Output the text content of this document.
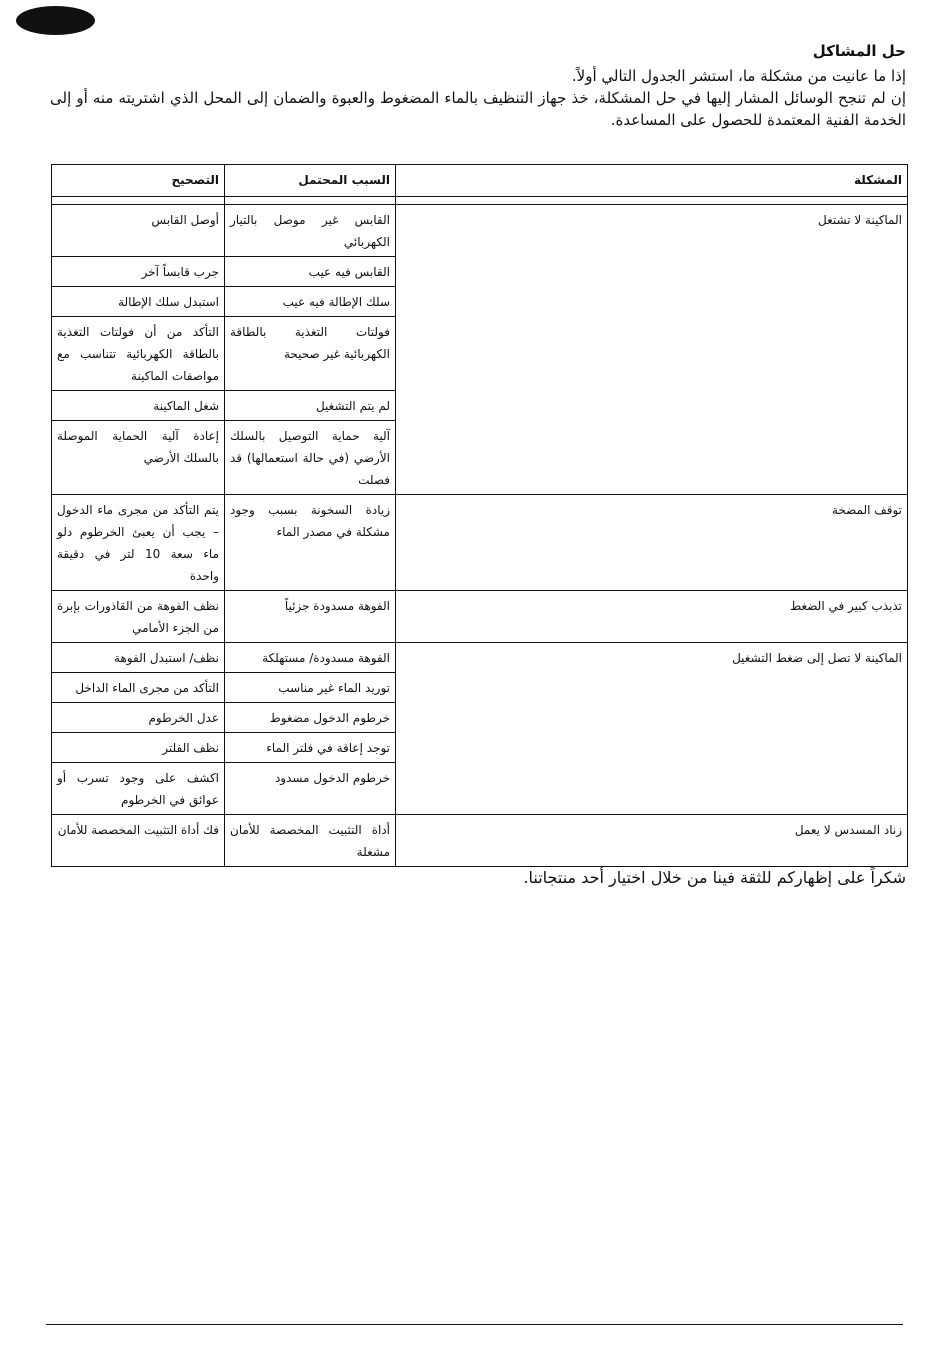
حل المشاكل

إذا ما عانيت من مشكلة ما، استشر الجدول التالي أولاً.

إن لم تنجح الوسائل المشار إليها في حل المشكلة، خذ جهاز التنظيف بالماء المضغوط والعبوة والضمان إلى المحل الذي اشتريته منه أو إلى الخدمة الفنية المعتمدة للحصول على المساعدة.

المشكلة	السبب المحتمل	التصحيح

الماكينة لا تشتغل	القابس غير موصل بالتيار الكهربائي	أوصل القابس
	القابس فيه عيب	جرب قابساً آخر
	سلك الإطالة فيه عيب	استبدل سلك الإطالة
	فولتات التغذية بالطاقة الكهربائية غير صحيحة	التأكد من أن فولتات التغذية بالطاقة الكهربائية تتناسب مع مواصفات الماكينة
	لم يتم التشغيل	شغل الماكينة
	آلية حماية التوصيل بالسلك الأرضي (في حالة استعمالها) قد فصلت	إعادة آلية الحماية الموصلة بالسلك الأرضي
توقف المضخة	زيادة السخونة بسبب وجود مشكلة في مصدر الماء	يتم التأكد من مجرى ماء الدخول – يجب أن يعبئ الخرطوم دلو ماء سعة 10 لتر في دقيقة واحدة
تذبذب كبير في الضغط	الفوهة مسدودة جزئياً	نظف الفوهة من القاذورات بإبرة من الجزء الأمامي
الماكينة لا تصل إلى ضغط التشغيل	الفوهة مسدودة/ مستهلكة	نظف/ استبدل الفوهة
	توريد الماء غير مناسب	التأكد من مجرى الماء الداخل
	خرطوم الدخول مضغوط	عدل الخرطوم
	توجد إعاقة في فلتر الماء	نظف الفلتر
	خرطوم الدخول مسدود	اكشف على وجود تسرب أو عوائق في الخرطوم
زناد المسدس لا يعمل	أداة التثبيت المخصصة للأمان مشغلة	فك أداة التثبيت المخصصة للأمان

شكراً على إظهاركم للثقة فينا من خلال اختيار أحد منتجاتنا.
